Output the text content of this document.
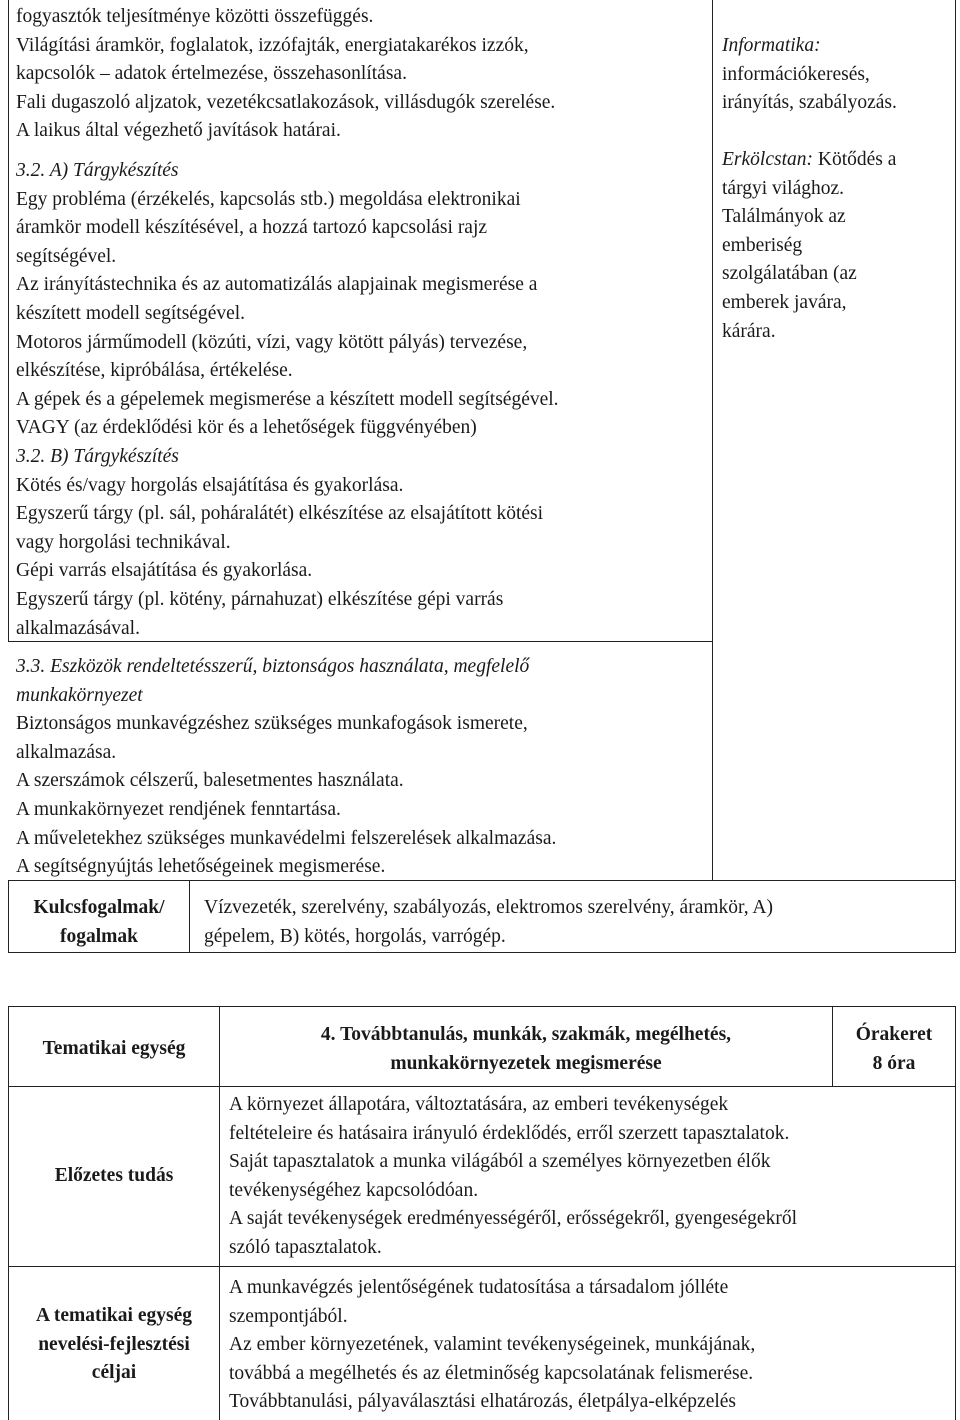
fogyasztók teljesítménye közötti összefüggés.
Világítási áramkör, foglalatok, izzófajták, energiatakarékos izzók,
kapcsolók – adatok értelmezése, összehasonlítása.
Fali dugaszoló aljzatok, vezetékcsatlakozások, villásdugók szerelése.
A laikus által végezhető javítások határai.
3.2. A) Tárgykészítés
Egy probléma (érzékelés, kapcsolás stb.) megoldása elektronikai
áramkör modell készítésével, a hozzá tartozó kapcsolási rajz
segítségével.
Az irányítástechnika és az automatizálás alapjainak megismerése a
készített modell segítségével.
Motoros járműmodell (közúti, vízi, vagy kötött pályás) tervezése,
elkészítése, kipróbálása, értékelése.
A gépek és a gépelemek megismerése a készített modell segítségével.
VAGY (az érdeklődési kör és a lehetőségek függvényében)
3.2. B) Tárgykészítés
Kötés és/vagy horgolás elsajátítása és gyakorlása.
Egyszerű tárgy (pl. sál, poháralátét) elkészítése az elsajátított kötési
vagy horgolási technikával.
Gépi varrás elsajátítása és gyakorlása.
Egyszerű tárgy (pl. kötény, párnahuzat) elkészítése gépi varrás
alkalmazásával.
3.3. Eszközök rendeltetésszerű, biztonságos használata, megfelelő
munkakörnyezet
Biztonságos munkavégzéshez szükséges munkafogások ismerete,
alkalmazása.
A szerszámok célszerű, balesetmentes használata.
A munkakörnyezet rendjének fenntartása.
A műveletekhez szükséges munkavédelmi felszerelések alkalmazása.
A segítségnyújtás lehetőségeinek megismerése.
Informatika:
információkeresés,
irányítás, szabályozás.
Erkölcstan: Kötődés a
tárgyi világhoz.
Találmányok az
emberiség
szolgálatában (az
emberek javára,
kárára.
Kulcsfogalmak/
fogalmak
Vízvezeték, szerelvény, szabályozás, elektromos szerelvény, áramkör, A)
gépelem, B) kötés, horgolás, varrógép.
Tematikai egység
4. Továbbtanulás, munkák, szakmák, megélhetés,
munkakörnyezetek megismerése
Órakeret
8 óra
Előzetes tudás
A környezet állapotára, változtatására, az emberi tevékenységek
feltételeire és hatásaira irányuló érdeklődés, erről szerzett tapasztalatok.
Saját tapasztalatok a munka világából a személyes környezetben élők
tevékenységéhez kapcsolódóan.
A saját tevékenységek eredményességéről, erősségekről, gyengeségekről
szóló tapasztalatok.
A tematikai egység
nevelési-fejlesztési
céljai
A munkavégzés jelentőségének tudatosítása a társadalom jólléte
szempontjából.
Az ember környezetének, valamint tevékenységeinek, munkájának,
továbbá a megélhetés és az életminőség kapcsolatának felismerése.
Továbbtanulási, pályaválasztási elhatározás, életpálya-elképzelés
